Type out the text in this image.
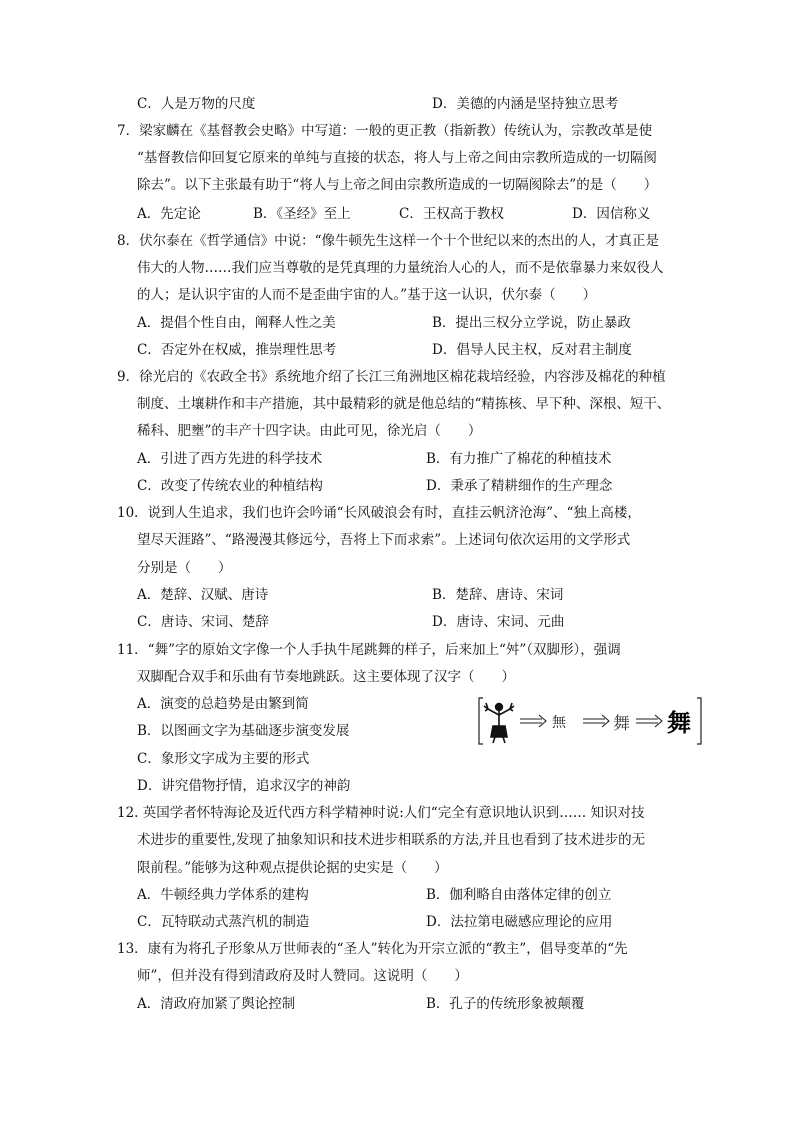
C．人是万物的尺度	D．美德的内涵是坚持独立思考
7．梁家麟在《基督教会史略》中写道：一般的更正教（指新教）传统认为，宗教改革是使
“基督教信仰回复它原来的单纯与直接的状态，将人与上帝之间由宗教所造成的一切隔阂
除去”。以下主张最有助于“将人与上帝之间由宗教所造成的一切隔阂除去”的是（　　）
A．先定论	B．《圣经》至上	C．王权高于教权	D．因信称义
8．伏尔泰在《哲学通信》中说：“像牛顿先生这样一个十个世纪以来的杰出的人，才真正是
伟大的人物……我们应当尊敬的是凭真理的力量统治人心的人，而不是依靠暴力来奴役人
的人；是认识宇宙的人而不是歪曲宇宙的人。”基于这一认识，伏尔泰（　　）
A．提倡个性自由，阐释人性之美	B．提出三权分立学说，防止暴政
C．否定外在权威，推崇理性思考	D．倡导人民主权，反对君主制度
9．徐光启的《农政全书》系统地介绍了长江三角洲地区棉花栽培经验，内容涉及棉花的种植
制度、土壤耕作和丰产措施，其中最精彩的就是他总结的“精拣核、早下种、深根、短干、
稀科、肥壅”的丰产十四字诀。由此可见，徐光启（　　）
A．引进了西方先进的科学技术	B．有力推广了棉花的种植技术
C．改变了传统农业的种植结构	D．秉承了精耕细作的生产理念
10．说到人生追求，我们也许会吟诵“长风破浪会有时，直挂云帆济沧海”、“独上高楼，
望尽天涯路”、“路漫漫其修远兮，吾将上下而求索”。上述词句依次运用的文学形式
分别是（　　）
A．楚辞、汉赋、唐诗	B．楚辞、唐诗、宋词
C．唐诗、宋词、楚辞	D．唐诗、宋词、元曲
11．“舞”字的原始文字像一个人手执牛尾跳舞的样子，后来加上“舛”（双脚形），强调
双脚配合双手和乐曲有节奏地跳跃。这主要体现了汉字（　　）
A．演变的总趋势是由繁到简
B．以图画文字为基础逐步演变发展
C．象形文字成为主要的形式
D．讲究借物抒情，追求汉字的神韵
無	舞 舞
12. 英国学者怀特海论及近代西方科学精神时说:人们“完全有意识地认识到…… 知识对技
术进步的重要性,发现了抽象知识和技术进步相联系的方法,并且也看到了技术进步的无
限前程。”能够为这种观点提供论据的史实是（　　）
A．牛顿经典力学体系的建构	B．伽利略自由落体定律的创立
C．瓦特联动式蒸汽机的制造	D．法拉第电磁感应理论的应用
13．康有为将孔子形象从万世师表的“圣人”转化为开宗立派的“教主”，倡导变革的“先
师”，但并没有得到清政府及时人赞同。这说明（　　）
A．清政府加紧了舆论控制	B．孔子的传统形象被颠覆
